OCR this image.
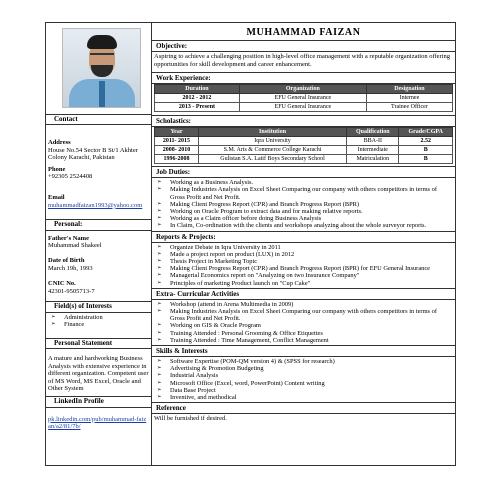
Contact
Address
House No.54 Sector B St/1 Akhter Colony Karachi, Pakistan
Phone
+92305 2524408
Email
muhammadfaizan1993@yahoo.com
Personal:
Father's Name
Muhammad Shakeel
Date of Birth
March 19h, 1993
CNIC No.
42301-9505713-7
Field(s) of Interests
➢ Administration
➢ Finance
Personal Statement
A mature and hardworking Business Analysis with extensive experience in different organization. Competent user of MS Word, MS Excel, Oracle and Other System
LinkedIn Profile
pk.linkedin.com/pub/muhammad-faizan/a2/81/7b/
MUHAMMAD FAIZAN
Objective:
Aspiring to achieve a challenging position in high-level office management with a reputable organization offering opportunities for skill development and career enhancement.
Work Experience:
Duration	Organization	Designation
2012 - 2012	EFU General Insurance	Internee
2013 - Present	EFU General Insurance	Trainee Officer
Scholastics:
Year	Institution	Qualification	Grade/CGPA
2011- 2015	Iqra University	BBA-II	2.52
2008- 2010	S.M. Arts & Commerce College Karachi	Intermediate	B
1996-2008	Gulistan S.A. Latif Boys Secondary School	Matriculation	B
Job Duties:
➢ Working as a Business Analysis.
➢ Making Industries Analysis on Excel Sheet Comparing our company with others competitors in terms of Gross Profit and Net Profit.
➢ Making Client Progress Report (CPR) and Branch Progress Report (BPR)
➢ Working on Oracle Program to extract data and for making relative reports.
➢ Working as a Claim officer before doing Business Analysis
➢ In Claim, Co-ordination with the clients and workshops analyzing about the whole surveyor reports.
Reports & Projects:
➢ Organize Debate in Iqra University in 2011
➢ Made a project report on product (LUX) in 2012
➢ Thesis Project in Marketing Topic
➢ Making Client Progress Report (CPR) and Branch Progress Report (BPR) for EFU General Insurance
➢ Managerial Economics report on "Analyzing on two Insurance Company"
➢ Principles of marketing Product launch on "Cup Cake"
Extra- Curricular Activities
➢ Workshop (attend in Arena Multimedia in 2009)
➢ Making Industries Analysis on Excel Sheet Comparing our company with others competitors in terms of Gross Profit and Net Profit.
➢ Working on GIS & Oracle Program
➢ Training Attended : Personal Grooming & Office Etiquettes
➢ Training Attended : Time Management, Conflict Management
Skills & Interests
➢ Software Expertise (POM-QM version 4) & (SPSS for research)
➢ Advertising & Promotion Budgeting
➢ Industrial Analysis
➢ Microsoft Office (Excel, word, PowerPoint) Content writing
➢ Data Base Project
➢ Inventive, and methodical
Reference
Will be furnished if desired.
